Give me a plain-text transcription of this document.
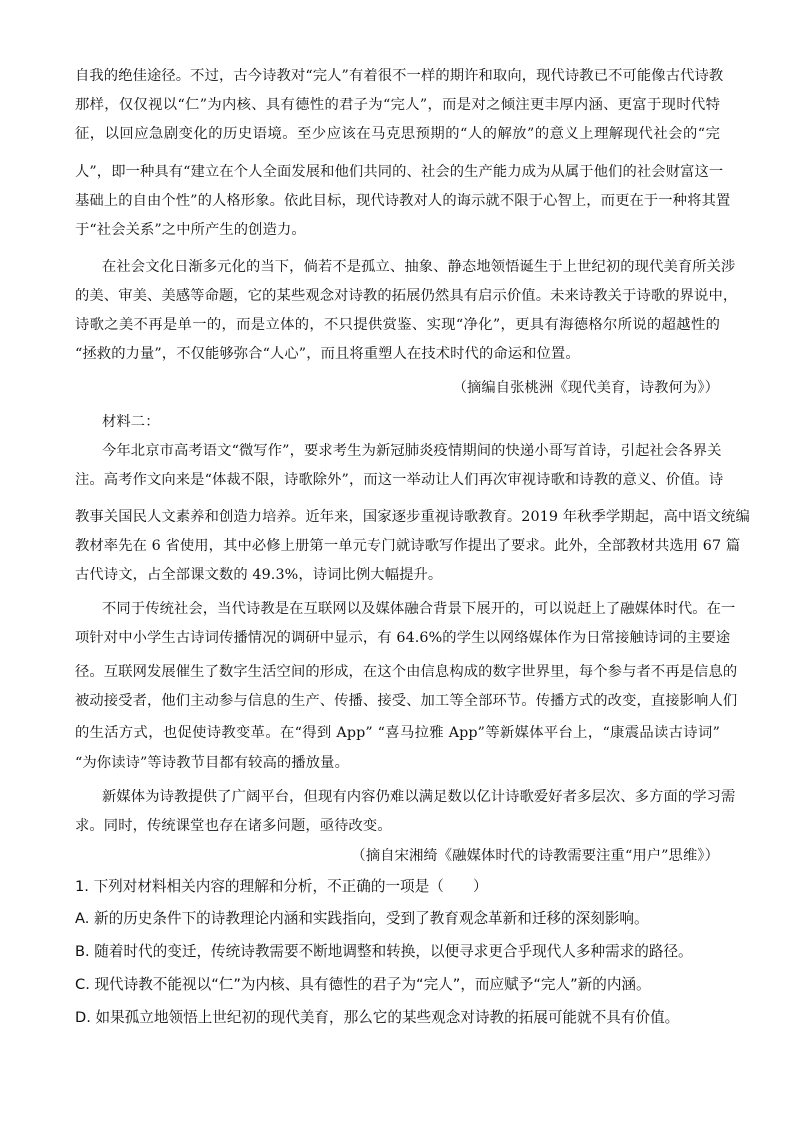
自我的绝佳途径。不过，古今诗教对“完人”有着很不一样的期许和取向，现代诗教已不可能像古代诗教
那样，仅仅视以“仁”为内核、具有德性的君子为“完人”，而是对之倾注更丰厚内涵、更富于现时代特
征，以回应急剧变化的历史语境。至少应该在马克思预期的“人的解放”的意义上理解现代社会的“完
人”，即一种具有“建立在个人全面发展和他们共同的、社会的生产能力成为从属于他们的社会财富这一
基础上的自由个性”的人格形象。依此目标，现代诗教对人的诲示就不限于心智上，而更在于一种将其置
于“社会关系”之中所产生的创造力。
在社会文化日渐多元化的当下，倘若不是孤立、抽象、静态地领悟诞生于上世纪初的现代美育所关涉
的美、审美、美感等命题，它的某些观念对诗教的拓展仍然具有启示价值。未来诗教关于诗歌的界说中，
诗歌之美不再是单一的，而是立体的，不只提供赏鉴、实现“净化”，更具有海德格尔所说的超越性的
“拯救的力量”，不仅能够弥合“人心”，而且将重塑人在技术时代的命运和位置。
（摘编自张桃洲《现代美育，诗教何为》）
材料二：
今年北京市高考语文“微写作”，要求考生为新冠肺炎疫情期间的快递小哥写首诗，引起社会各界关
注。高考作文向来是“体裁不限，诗歌除外”，而这一举动让人们再次审视诗歌和诗教的意义、价值。诗
教事关国民人文素养和创造力培养。近年来，国家逐步重视诗歌教育。2019 年秋季学期起，高中语文统编
教材率先在 6 省使用，其中必修上册第一单元专门就诗歌写作提出了要求。此外，全部教材共选用 67 篇
古代诗文，占全部课文数的 49.3%，诗词比例大幅提升。
不同于传统社会，当代诗教是在互联网以及媒体融合背景下展开的，可以说赶上了融媒体时代。在一
项针对中小学生古诗词传播情况的调研中显示，有 64.6%的学生以网络媒体作为日常接触诗词的主要途
径。互联网发展催生了数字生活空间的形成，在这个由信息构成的数字世界里，每个参与者不再是信息的
被动接受者，他们主动参与信息的生产、传播、接受、加工等全部环节。传播方式的改变，直接影响人们
的生活方式，也促使诗教变革。在“得到 App” “喜马拉雅 App”等新媒体平台上，“康震品读古诗词”
“为你读诗”等诗教节目都有较高的播放量。
新媒体为诗教提供了广阔平台，但现有内容仍难以满足数以亿计诗歌爱好者多层次、多方面的学习需
求。同时，传统课堂也存在诸多问题，亟待改变。
（摘自宋湘绮《融媒体时代的诗教需要注重“用户”思维》）
1. 下列对材料相关内容的理解和分析，不正确的一项是（　　）
A. 新的历史条件下的诗教理论内涵和实践指向，受到了教育观念革新和迁移的深刻影响。
B. 随着时代的变迁，传统诗教需要不断地调整和转换，以便寻求更合乎现代人多种需求的路径。
C. 现代诗教不能视以“仁”为内核、具有德性的君子为“完人”，而应赋予“完人”新的内涵。
D. 如果孤立地领悟上世纪初的现代美育，那么它的某些观念对诗教的拓展可能就不具有价值。
